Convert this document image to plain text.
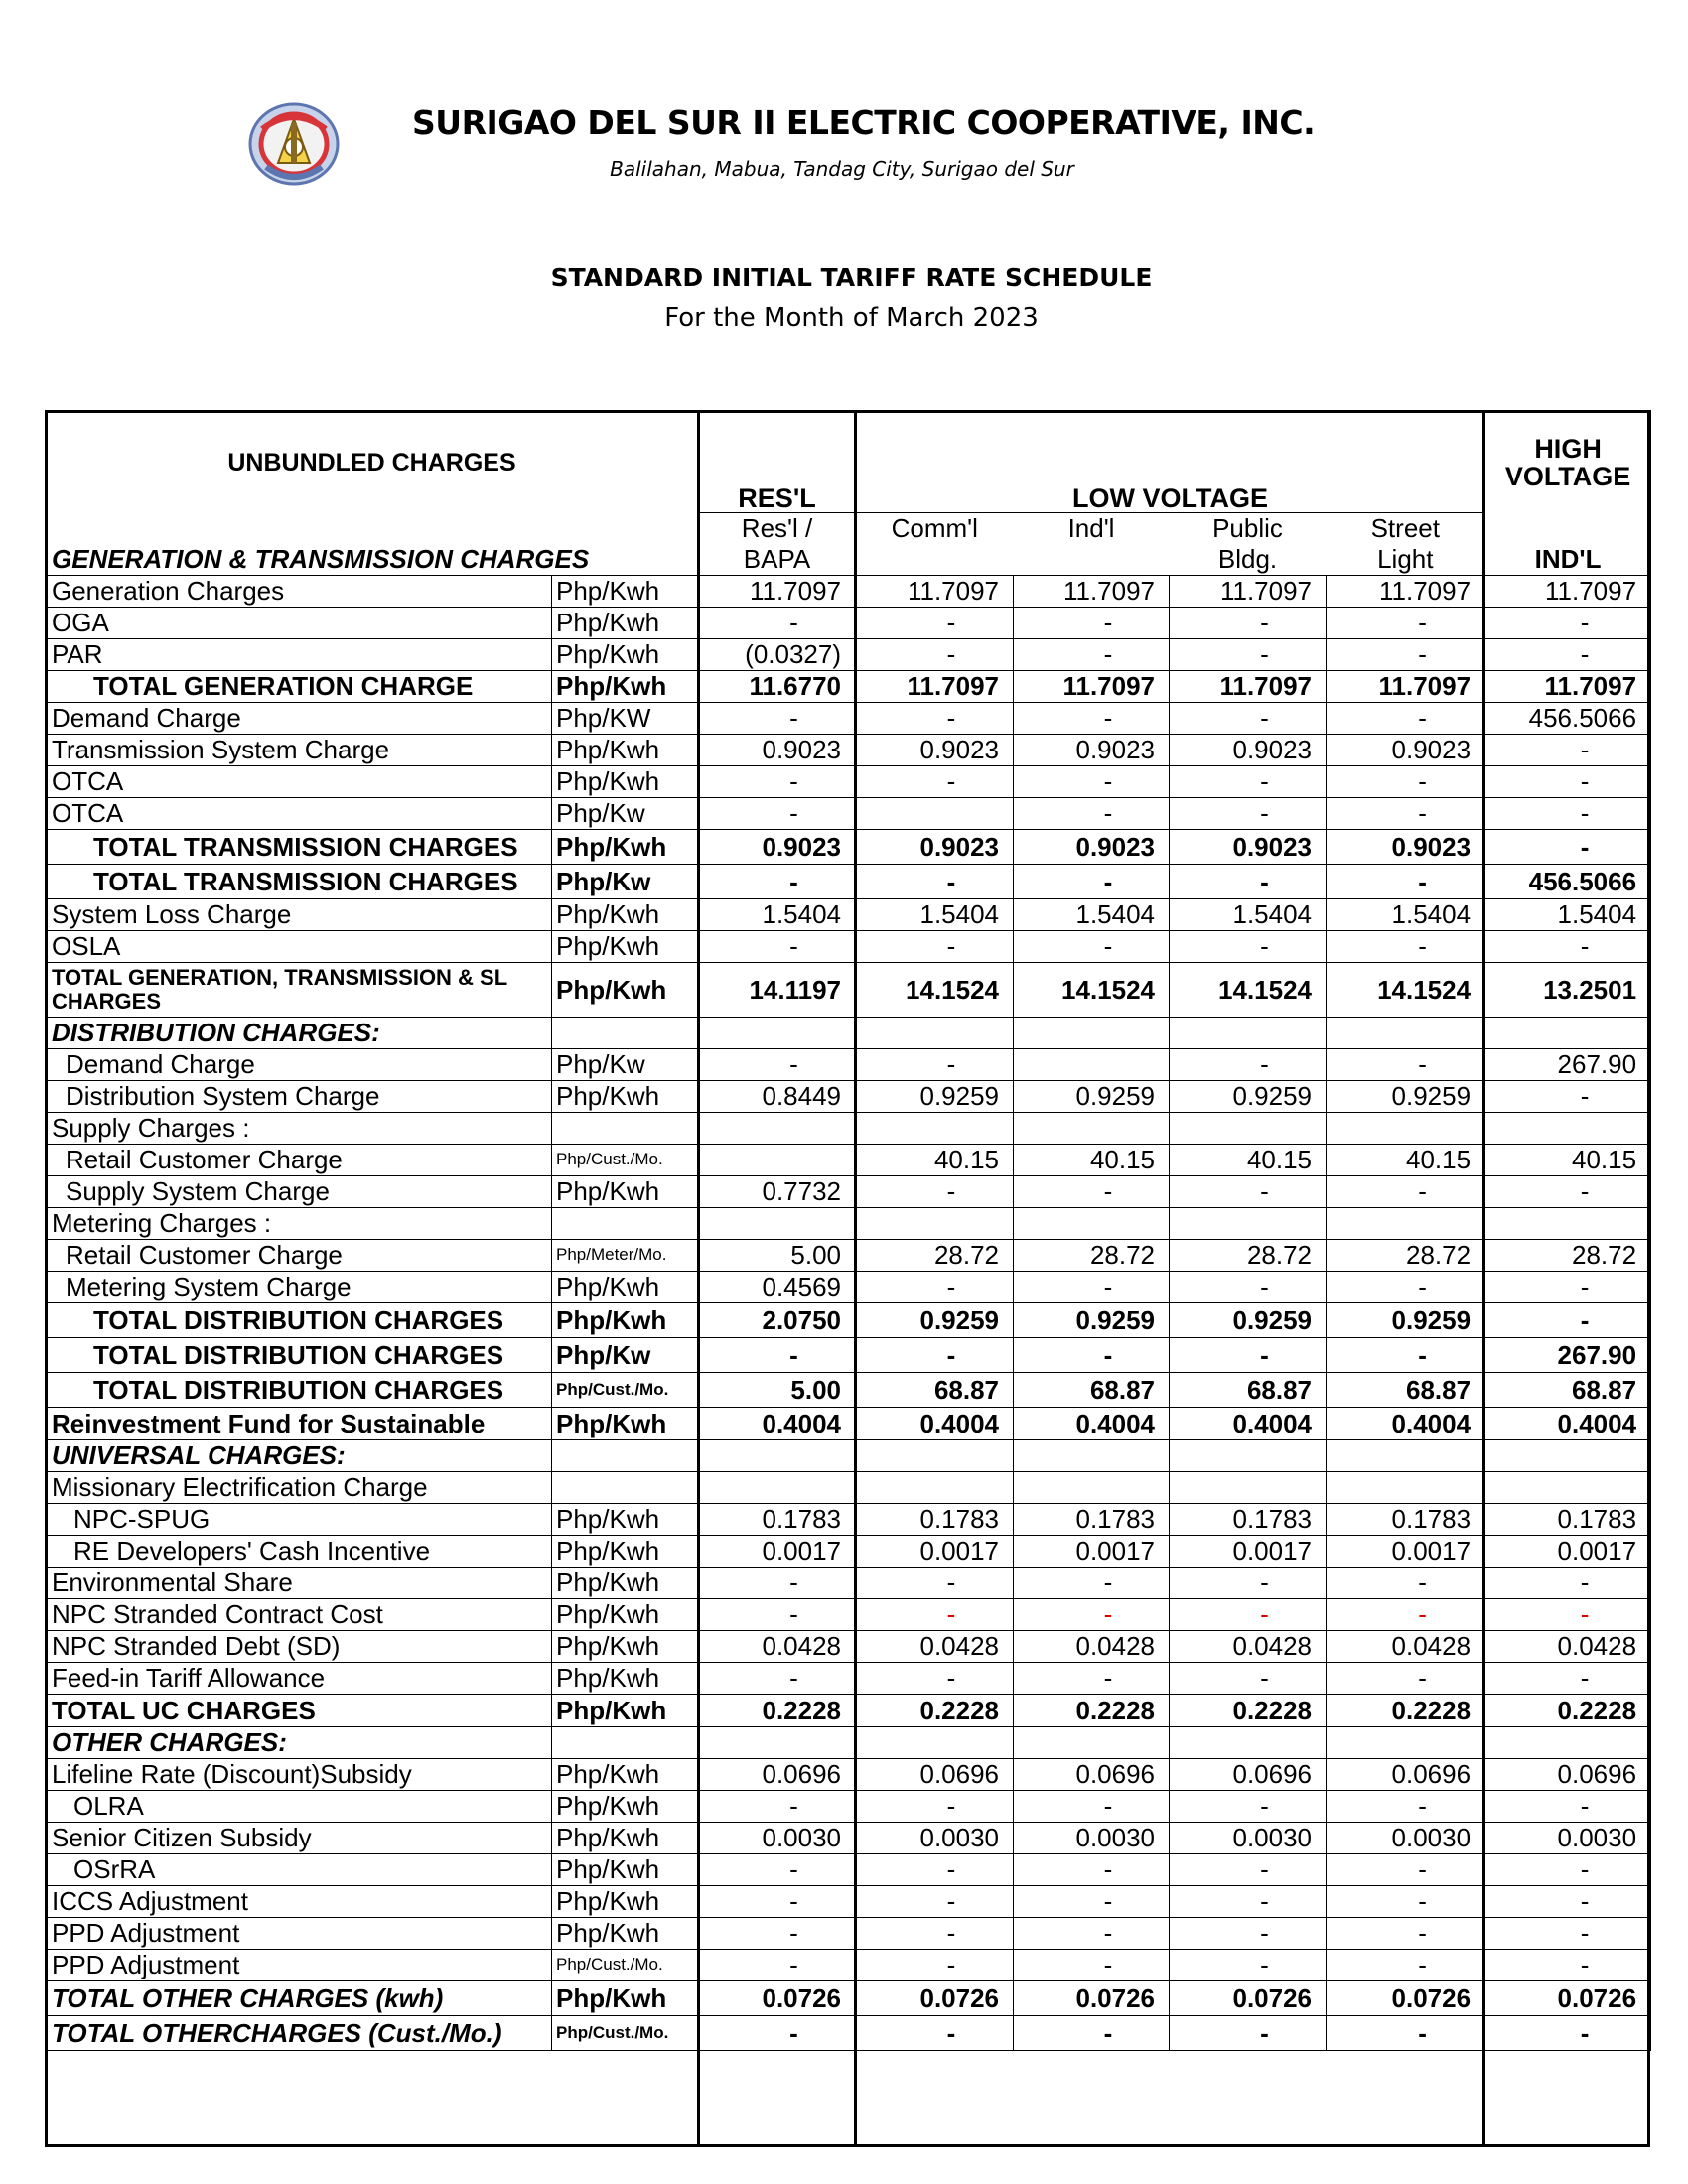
SURIGAO DEL SUR II ELECTRIC COOPERATIVE, INC.
Balilahan, Mabua, Tandag City, Surigao del Sur
STANDARD INITIAL TARIFF RATE SCHEDULE
For the Month of March 2023
UNBUNDLED CHARGES		RES'L	LOW VOLTAGE				HIGH
							VOLTAGE
		Res'l /	Comm'l	Ind'l	Public	Street	
GENERATION & TRANSMISSION CHARGES		BAPA			Bldg.	Light	IND'L
Generation Charges	Php/Kwh	11.7097	11.7097	11.7097	11.7097	11.7097	11.7097
OGA	Php/Kwh	-	-	-	-	-	-
PAR	Php/Kwh	(0.0327)	-	-	-	-	-
TOTAL GENERATION CHARGE	Php/Kwh	11.6770	11.7097	11.7097	11.7097	11.7097	11.7097
Demand Charge	Php/KW	-	-	-	-	-	456.5066
Transmission System Charge	Php/Kwh	0.9023	0.9023	0.9023	0.9023	0.9023	-
OTCA	Php/Kwh	-	-	-	-	-	-
OTCA	Php/Kw	-		-	-	-	-
TOTAL TRANSMISSION CHARGES	Php/Kwh	0.9023	0.9023	0.9023	0.9023	0.9023	-
TOTAL TRANSMISSION CHARGES	Php/Kw	-	-	-	-	-	456.5066
System Loss Charge	Php/Kwh	1.5404	1.5404	1.5404	1.5404	1.5404	1.5404
OSLA	Php/Kwh	-	-	-	-	-	-
TOTAL GENERATION, TRANSMISSION & SL CHARGES	Php/Kwh	14.1197	14.1524	14.1524	14.1524	14.1524	13.2501
DISTRIBUTION CHARGES:							
Demand Charge	Php/Kw	-	-		-	-	267.90
Distribution System Charge	Php/Kwh	0.8449	0.9259	0.9259	0.9259	0.9259	-
Supply Charges :							
Retail Customer Charge	Php/Cust./Mo.		40.15	40.15	40.15	40.15	40.15
Supply System Charge	Php/Kwh	0.7732	-	-	-	-	-
Metering Charges :							
Retail Customer Charge	Php/Meter/Mo.	5.00	28.72	28.72	28.72	28.72	28.72
Metering System Charge	Php/Kwh	0.4569	-	-	-	-	-
TOTAL DISTRIBUTION CHARGES	Php/Kwh	2.0750	0.9259	0.9259	0.9259	0.9259	-
TOTAL DISTRIBUTION CHARGES	Php/Kw	-	-	-	-	-	267.90
TOTAL DISTRIBUTION CHARGES	Php/Cust./Mo.	5.00	68.87	68.87	68.87	68.87	68.87
Reinvestment Fund for Sustainable	Php/Kwh	0.4004	0.4004	0.4004	0.4004	0.4004	0.4004
UNIVERSAL CHARGES:							
Missionary Electrification Charge							
NPC-SPUG	Php/Kwh	0.1783	0.1783	0.1783	0.1783	0.1783	0.1783
RE Developers' Cash Incentive	Php/Kwh	0.0017	0.0017	0.0017	0.0017	0.0017	0.0017
Environmental Share	Php/Kwh	-	-	-	-	-	-
NPC Stranded Contract Cost	Php/Kwh	-	-	-	-	-	-
NPC Stranded Debt (SD)	Php/Kwh	0.0428	0.0428	0.0428	0.0428	0.0428	0.0428
Feed-in Tariff Allowance	Php/Kwh	-	-	-	-	-	-
TOTAL UC CHARGES	Php/Kwh	0.2228	0.2228	0.2228	0.2228	0.2228	0.2228
OTHER CHARGES:							
Lifeline Rate (Discount)Subsidy	Php/Kwh	0.0696	0.0696	0.0696	0.0696	0.0696	0.0696
OLRA	Php/Kwh	-	-	-	-	-	-
Senior Citizen Subsidy	Php/Kwh	0.0030	0.0030	0.0030	0.0030	0.0030	0.0030
OSrRA	Php/Kwh	-	-	-	-	-	-
ICCS Adjustment	Php/Kwh	-	-	-	-	-	-
PPD Adjustment	Php/Kwh	-	-	-	-	-	-
PPD Adjustment	Php/Cust./Mo.	-	-	-	-	-	-
TOTAL OTHER CHARGES (kwh)	Php/Kwh	0.0726	0.0726	0.0726	0.0726	0.0726	0.0726
TOTAL OTHERCHARGES (Cust./Mo.)	Php/Cust./Mo.	-	-	-	-	-	-
